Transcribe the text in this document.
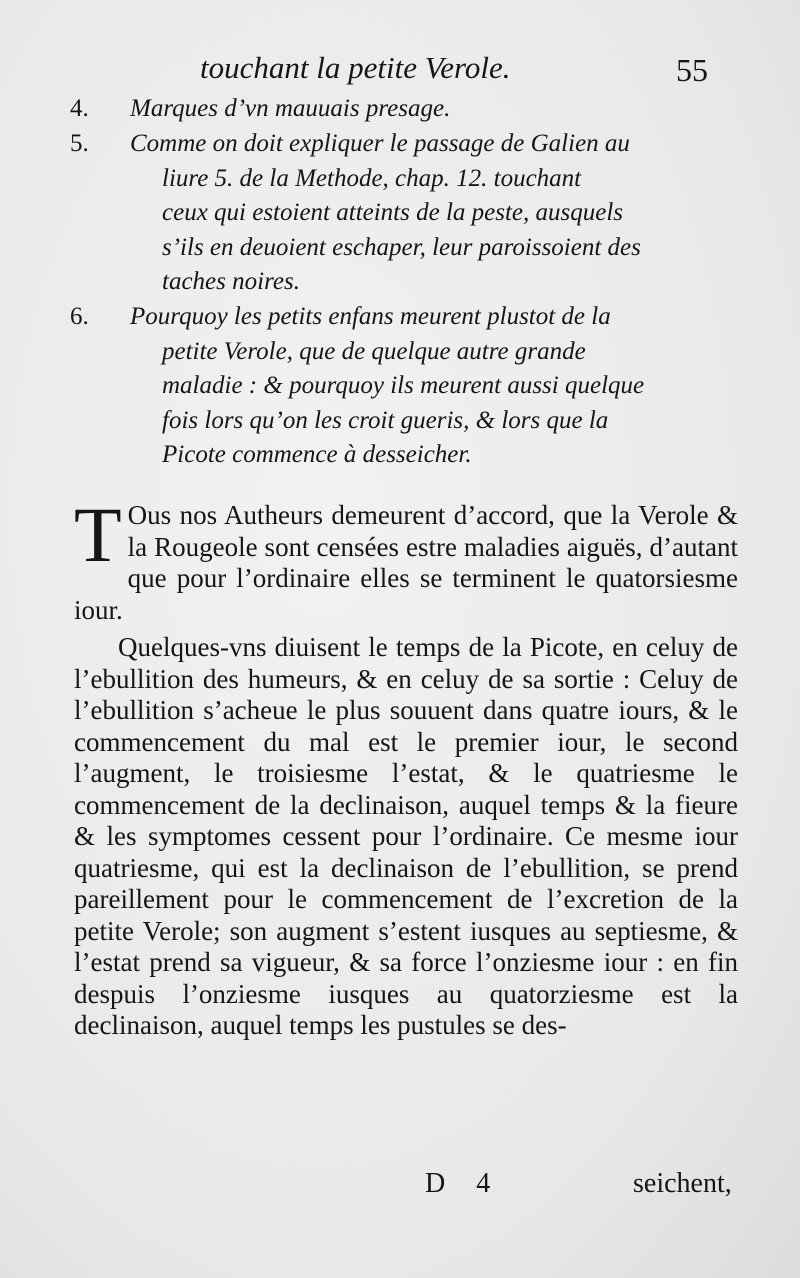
touchant la petite Verole.	55
4. Marques d’vn mauuais presage.
5. Comme on doit expliquer le passage de Galien au
liure 5. de la Methode, chap. 12. touchant
ceux qui estoient atteints de la peste, ausquels
s’ils en deuoient eschaper, leur paroissoient des
taches noires.
6. Pourquoy les petits enfans meurent plustot de la
petite Verole, que de quelque autre grande
maladie : & pourquoy ils meurent aussi quelque
fois lors qu’on les croit gueris, & lors que la
Picote commence à desseicher.

T Ous nos Autheurs demeurent d’accord, que la Verole & la Rougeole sont censées estre maladies aiguës, d’autant que pour l’ordinaire elles se terminent le quatorsiesme iour.

Quelques-vns diuisent le temps de la Picote, en celuy de l’ebullition des humeurs, & en celuy de sa sortie : Celuy de l’ebullition s’acheue le plus souuent dans quatre iours, & le commencement du mal est le premier iour, le second l’augment, le troisiesme l’estat, & le quatriesme le commencement de la declinaison, auquel temps & la fieure & les symptomes cessent pour l’ordinaire. Ce mesme iour quatriesme, qui est la declinaison de l’ebullition, se prend pareillement pour le commencement de l’excretion de la petite Verole; son augment s’estent iusques au septiesme, & l’estat prend sa vigueur, & sa force l’onziesme iour : en fin despuis l’onziesme iusques au quatorziesme est la declinaison, auquel temps les pustules se des-

D 4	seichent,
